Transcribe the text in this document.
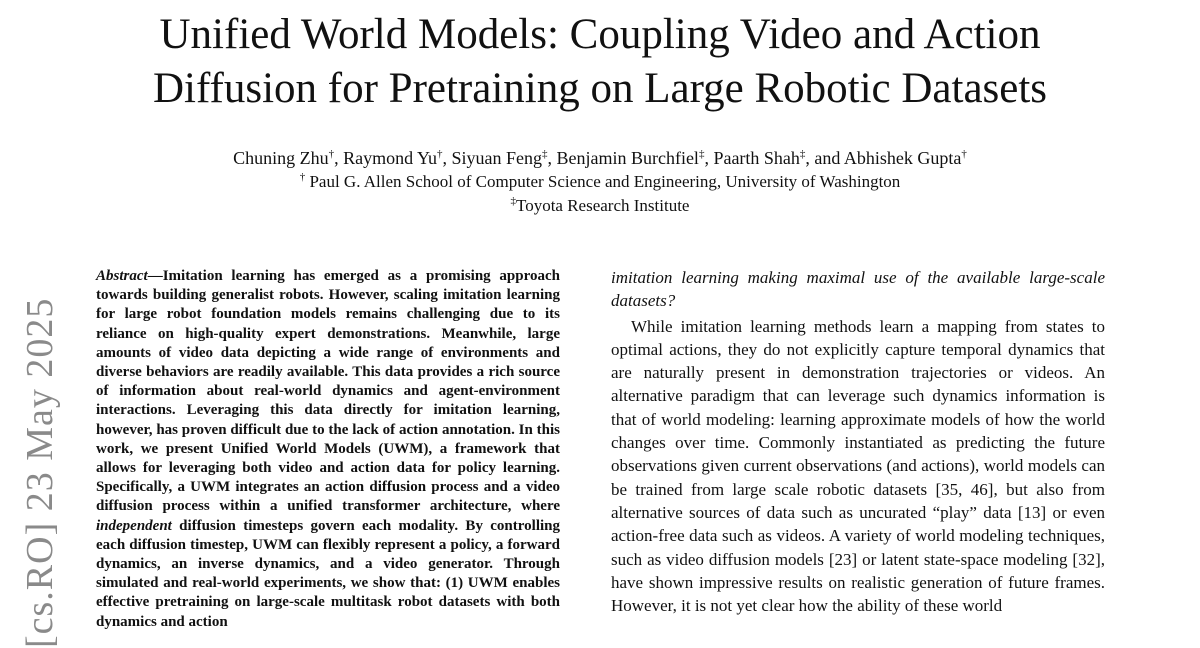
Unified World Models: Coupling Video and Action
Diffusion for Pretraining on Large Robotic Datasets
Chuning Zhu†, Raymond Yu†, Siyuan Feng‡, Benjamin Burchfiel‡, Paarth Shah‡, and Abhishek Gupta†
† Paul G. Allen School of Computer Science and Engineering, University of Washington
‡Toyota Research Institute
[cs.RO] 23 May 2025
Abstract—Imitation learning has emerged as a promising approach towards building generalist robots. However, scaling imitation learning for large robot foundation models remains challenging due to its reliance on high-quality expert demonstrations. Meanwhile, large amounts of video data depicting a wide range of environments and diverse behaviors are readily available. This data provides a rich source of information about real-world dynamics and agent-environment interactions. Leveraging this data directly for imitation learning, however, has proven difficult due to the lack of action annotation. In this work, we present Unified World Models (UWM), a framework that allows for leveraging both video and action data for policy learning. Specifically, a UWM integrates an action diffusion process and a video diffusion process within a unified transformer architecture, where independent diffusion timesteps govern each modality. By controlling each diffusion timestep, UWM can flexibly represent a policy, a forward dynamics, an inverse dynamics, and a video generator. Through simulated and real-world experiments, we show that: (1) UWM enables effective pretraining on large-scale multitask robot datasets with both dynamics and action

imitation learning making maximal use of the available large-scale datasets?

While imitation learning methods learn a mapping from states to optimal actions, they do not explicitly capture temporal dynamics that are naturally present in demonstration trajectories or videos. An alternative paradigm that can leverage such dynamics information is that of world modeling: learning approximate models of how the world changes over time. Commonly instantiated as predicting the future observations given current observations (and actions), world models can be trained from large scale robotic datasets [35, 46], but also from alternative sources of data such as uncurated “play” data [13] or even action-free data such as videos. A variety of world modeling techniques, such as video diffusion models [23] or latent state-space modeling [32], have shown impressive results on realistic generation of future frames. However, it is not yet clear how the ability of these world
